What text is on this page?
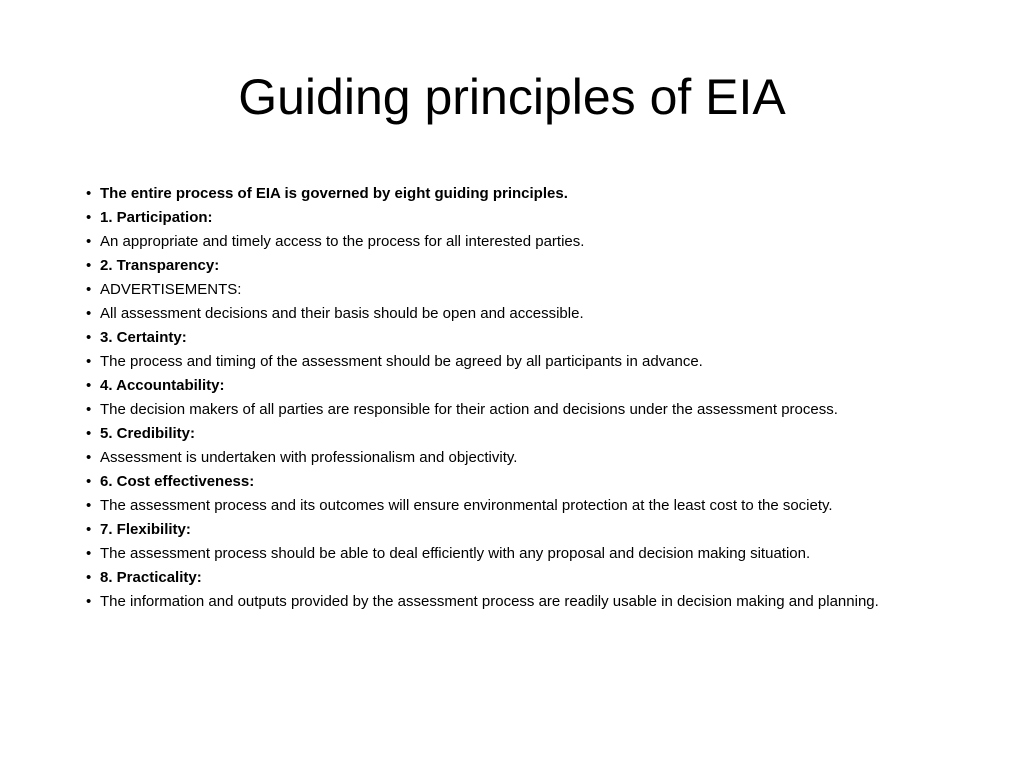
Guiding principles of EIA
• The entire process of EIA is governed by eight guiding principles.
• 1. Participation:
• An appropriate and timely access to the process for all interested parties.
• 2. Transparency:
• ADVERTISEMENTS:
• All assessment decisions and their basis should be open and accessible.
• 3. Certainty:
• The process and timing of the assessment should be agreed by all participants in advance.
• 4. Accountability:
• The decision makers of all parties are responsible for their action and decisions under the assessment process.
• 5. Credibility:
• Assessment is undertaken with professionalism and objectivity.
• 6. Cost effectiveness:
• The assessment process and its outcomes will ensure environmental protection at the least cost to the society.
• 7. Flexibility:
• The assessment process should be able to deal efficiently with any proposal and decision making situation.
• 8. Practicality:
• The information and outputs provided by the assessment process are readily usable in decision making and planning.
